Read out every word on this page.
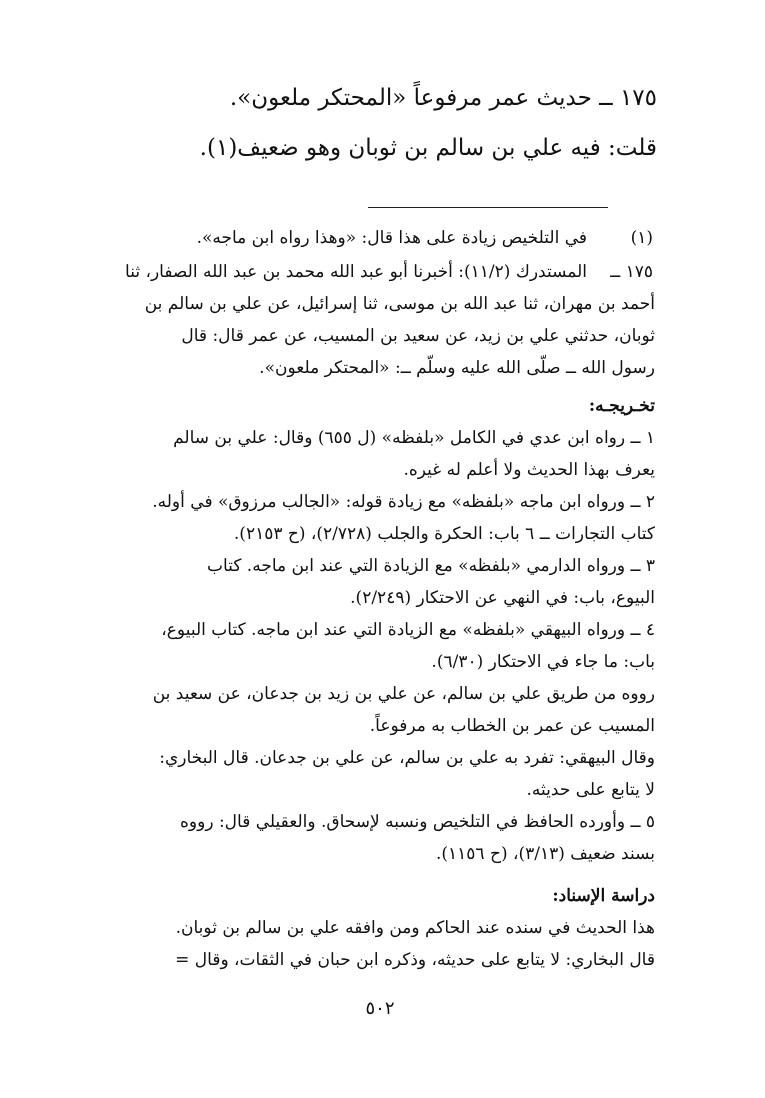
١٧٥ ــ حديث عمر مرفوعاً «المحتكر ملعون».
قلت: فيه علي بن سالم بن ثوبان وهو ضعيف(١).
(١)
في التلخيص زيادة على هذا قال: «وهذا رواه ابن ماجه».
١٧٥ ــ
المستدرك (١١/٢): أخبرنا أبو عبد الله محمد بن عبد الله الصفار، ثنا
أحمد بن مهران، ثنا عبد الله بن موسى، ثنا إسرائيل، عن علي بن سالم بن
ثوبان، حدثني علي بن زيد، عن سعيد بن المسيب، عن عمر قال: قال
رسول الله ــ صلّى الله عليه وسلّم ــ: «المحتكر ملعون».
تخـريجـه:
١ ــ رواه ابن عدي في الكامل «بلفظه» (ل ٦٥٥) وقال: علي بن سالم
يعرف بهذا الحديث ولا أعلم له غيره.
٢ ــ ورواه ابن ماجه «بلفظه» مع زيادة قوله: «الجالب مرزوق» في أوله.
كتاب التجارات ــ ٦ باب: الحكرة والجلب (٢/٧٢٨)، (ح ٢١٥٣).
٣ ــ ورواه الدارمي «بلفظه» مع الزيادة التي عند ابن ماجه. كتاب
البيوع، باب: في النهي عن الاحتكار (٢/٢٤٩).
٤ ــ ورواه البيهقي «بلفظه» مع الزيادة التي عند ابن ماجه. كتاب البيوع،
باب: ما جاء في الاحتكار (٦/٣٠).
رووه من طريق علي بن سالم، عن علي بن زيد بن جدعان، عن سعيد بن
المسيب عن عمر بن الخطاب به مرفوعاً.
وقال البيهقي: تفرد به علي بن سالم، عن علي بن جدعان. قال البخاري:
لا يتابع على حديثه.
٥ ــ وأورده الحافظ في التلخيص ونسبه لإسحاق. والعقيلي قال: رووه
بسند ضعيف (٣/١٣)، (ح ١١٥٦).
دراسة الإسناد:
هذا الحديث في سنده عند الحاكم ومن وافقه علي بن سالم بن ثوبان.
قال البخاري: لا يتابع على حديثه، وذكره ابن حبان في الثقات، وقال =
٥٠٢
